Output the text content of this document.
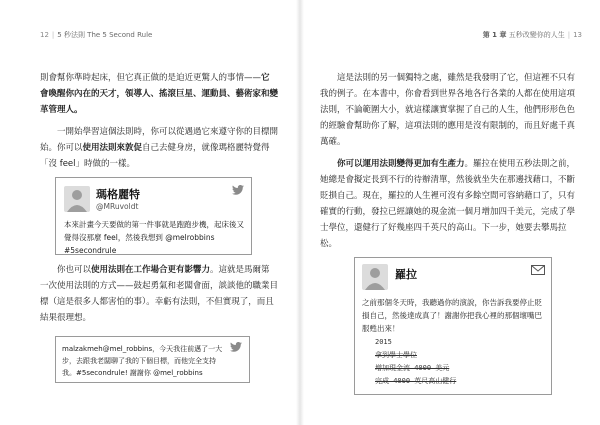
12 | 5 秒法則 The 5 Second Rule

則會幫你準時起床，但它真正做的是迫近更驚人的事情——它會喚醒你內在的天才，領導人、搖滾巨星、運動員、藝術家和變革管理人。

一開始學習這個法則時，你可以從遇過它來遵守你的目標開始。你可以使用法則來敦促自己去健身房，就像瑪格麗特覺得「沒 feel」時做的一樣。

瑪格麗特
@MRuvoldt
本來計畫今天要做的第一件事就是跑跑步機，起床後又覺得沒那麼 feel，然後我想到 @melrobbins #5secondrule

你也可以使用法則在工作場合更有影響力。這就是馬爾第一次使用法則的方式——鼓起勇氣和老闆會面，談談他的職業目標（這是很多人都害怕的事）。幸虧有法則，不但實現了，而且結果很理想。

malzakmeh@mel_robbins，今天我往前邁了一大步，去跟我老闆聊了我的下個目標，而他完全支持我。#5secondrule! 謝謝你 @mel_robbins
第 1 章 五秒改變你的人生 | 13

這是法則的另一個獨特之處，雖然是我發明了它，但這裡不只有我的例子。在本書中，你會看到世界各地各行各業的人都在使用這項法則，不論範圍大小，就這樣讓實掌握了自己的人生，他們形形色色的經驗會幫助你了解，這項法則的應用是沒有限制的，而且好處千真萬確。

你可以運用法則變得更加有生產力。羅拉在使用五秒法則之前，她總是會擬定長到不行的待辦清單，然後就坐失在那邊找藉口，不斷貶損自己。現在，羅拉的人生裡可沒有多餘空間可容納藉口了，只有確實的行動，發拉已經讓她的現金流一個月增加四千美元，完成了學士學位，還健行了好幾座四千英尺的高山。下一步，她要去攀馬拉松。

羅拉
之前那個冬天時，我聽過你的演說，你告訴我要停止貶損自己，然後達成真了！謝謝你把我心裡的那個壞嘴巴服甦出來！
2015
拿到學士學位
增加現金流 4000 美元
完成 4000 英尺高山健行
